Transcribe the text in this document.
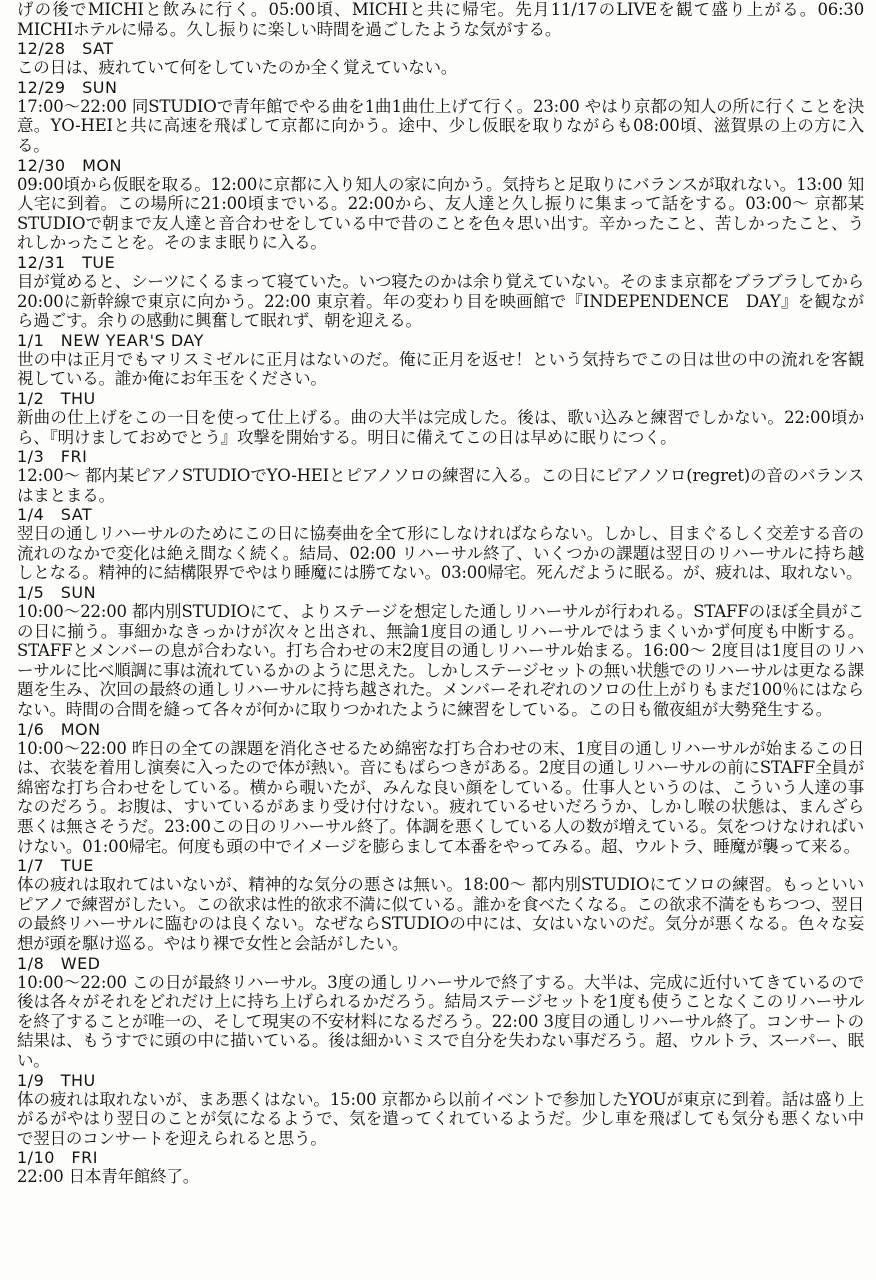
げの後でMICHIと飲みに行く。05:00頃、MICHIと共に帰宅。先月11/17のLIVEを観て盛り上がる。06:30 MICHIホテルに帰る。久し振りに楽しい時間を過ごしたような気がする。

12/28　SAT

この日は、疲れていて何をしていたのか全く覚えていない。

12/29　SUN

17:00～22:00 同STUDIOで青年館でやる曲を1曲1曲仕上げて行く。23:00 やはり京都の知人の所に行くことを決意。YO-HEIと共に高速を飛ばして京都に向かう。途中、少し仮眠を取りながらも08:00頃、滋賀県の上の方に入る。

12/30　MON

09:00頃から仮眠を取る。12:00に京都に入り知人の家に向かう。気持ちと足取りにバランスが取れない。13:00 知人宅に到着。この場所に21:00頃までいる。22:00から、友人達と久し振りに集まって話をする。03:00～ 京都某STUDIOで朝まで友人達と音合わせをしている中で昔のことを色々思い出す。辛かったこと、苦しかったこと、うれしかったことを。そのまま眠りに入る。

12/31　TUE

目が覚めると、シーツにくるまって寝ていた。いつ寝たのかは余り覚えていない。そのまま京都をブラブラしてから20:00に新幹線で東京に向かう。22:00 東京着。年の変わり目を映画館で『INDEPENDENCE　DAY』を観ながら過ごす。余りの感動に興奮して眠れず、朝を迎える。

1/1　NEW YEAR'S DAY

世の中は正月でもマリスミゼルに正月はないのだ。俺に正月を返せ！という気持ちでこの日は世の中の流れを客観視している。誰か俺にお年玉をください。

1/2　THU

新曲の仕上げをこの一日を使って仕上げる。曲の大半は完成した。後は、歌い込みと練習でしかない。22:00頃から、『明けましておめでとう』攻撃を開始する。明日に備えてこの日は早めに眠りにつく。

1/3　FRI

12:00～ 都内某ピアノSTUDIOでYO-HEIとピアノソロの練習に入る。この日にピアノソロ(regret)の音のバランスはまとまる。

1/4　SAT

翌日の通しリハーサルのためにこの日に協奏曲を全て形にしなければならない。しかし、目まぐるしく交差する音の流れのなかで変化は絶え間なく続く。結局、02:00 リハーサル終了、いくつかの課題は翌日のリハーサルに持ち越しとなる。精神的に結構限界でやはり睡魔には勝てない。03:00帰宅。死んだように眠る。が、疲れは、取れない。

1/5　SUN

10:00～22:00 都内別STUDIOにて、よりステージを想定した通しリハーサルが行われる。STAFFのほぼ全員がこの日に揃う。事細かなきっかけが次々と出され、無論1度目の通しリハーサルではうまくいかず何度も中断する。STAFFとメンバーの息が合わない。打ち合わせの末2度目の通しリハーサル始まる。16:00～ 2度目は1度目のリハーサルに比べ順調に事は流れているかのように思えた。しかしステージセットの無い状態でのリハーサルは更なる課題を生み、次回の最終の通しリハーサルに持ち越された。メンバーそれぞれのソロの仕上がりもまだ100％にはならない。時間の合間を縫って各々が何かに取りつかれたように練習をしている。この日も徹夜組が大勢発生する。

1/6　MON

10:00～22:00 昨日の全ての課題を消化させるため綿密な打ち合わせの末、1度目の通しリハーサルが始まるこの日は、衣装を着用し演奏に入ったので体が熱い。音にもばらつきがある。2度目の通しリハーサルの前にSTAFF全員が綿密な打ち合わせをしている。横から覗いたが、みんな良い顔をしている。仕事人というのは、こういう人達の事なのだろう。お腹は、すいているがあまり受け付けない。疲れているせいだろうか、しかし喉の状態は、まんざら悪くは無さそうだ。23:00この日のリハーサル終了。体調を悪くしている人の数が増えている。気をつけなければいけない。01:00帰宅。何度も頭の中でイメージを膨らまして本番をやってみる。超、ウルトラ、睡魔が襲って来る。

1/7　TUE

体の疲れは取れてはいないが、精神的な気分の悪さは無い。18:00～ 都内別STUDIOにてソロの練習。もっといいピアノで練習がしたい。この欲求は性的欲求不満に似ている。誰かを食べたくなる。この欲求不満をもちつつ、翌日の最終リハーサルに臨むのは良くない。なぜならSTUDIOの中には、女はいないのだ。気分が悪くなる。色々な妄想が頭を駆け巡る。やはり裸で女性と会話がしたい。

1/8　WED

10:00～22:00 この日が最終リハーサル。3度の通しリハーサルで終了する。大半は、完成に近付いてきているので後は各々がそれをどれだけ上に持ち上げられるかだろう。結局ステージセットを1度も使うことなくこのリハーサルを終了することが唯一の、そして現実の不安材料になるだろう。22:00 3度目の通しリハーサル終了。コンサートの結果は、もうすでに頭の中に描いている。後は細かいミスで自分を失わない事だろう。超、ウルトラ、スーパー、眠い。

1/9　THU

体の疲れは取れないが、まあ悪くはない。15:00 京都から以前イベントで参加したYOUが東京に到着。話は盛り上がるがやはり翌日のことが気になるようで、気を遣ってくれているようだ。少し車を飛ばしても気分も悪くない中で翌日のコンサートを迎えられると思う。

1/10　FRI

22:00 日本青年館終了。
